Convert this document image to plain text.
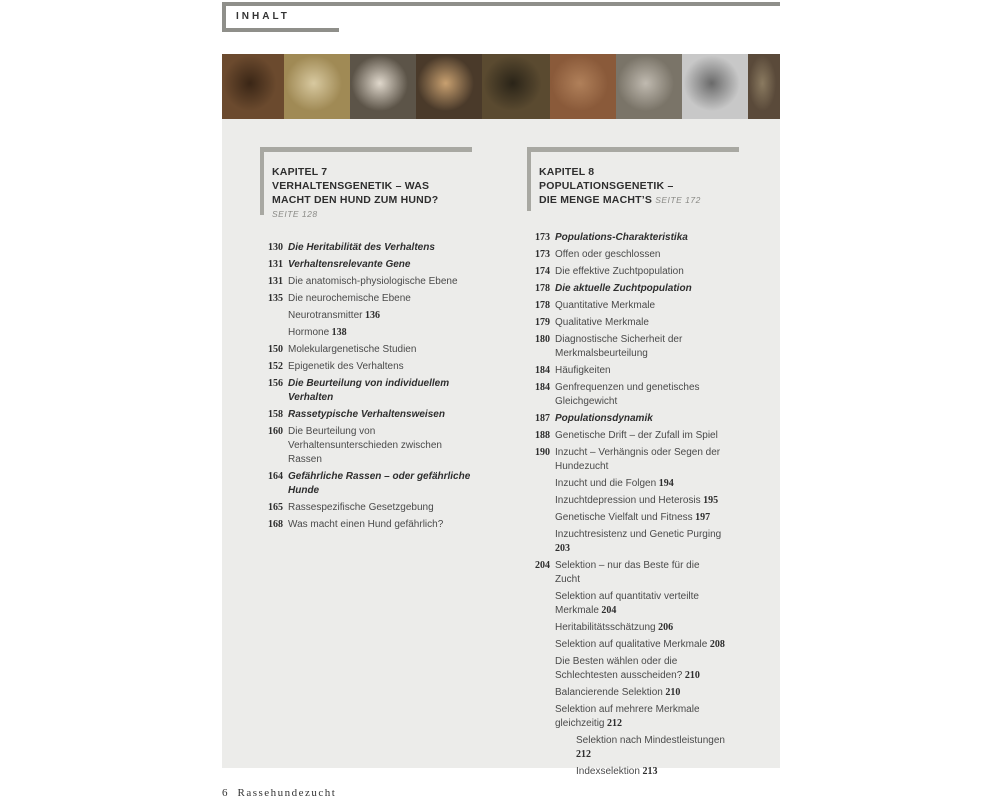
INHALT
KAPITEL 7
VERHALTENSGENETIK – WAS
MACHT DEN HUND ZUM HUND?
SEITE 128
KAPITEL 8
POPULATIONSGENETIK –
DIE MENGE MACHT’S SEITE 172
130 Die Heritabilität des Verhaltens
131 Verhaltensrelevante Gene
131 Die anatomisch-physiologische Ebene
135 Die neurochemische Ebene
Neurotransmitter 136
Hormone 138
150 Molekulargenetische Studien
152 Epigenetik des Verhaltens
156 Die Beurteilung von individuellem Verhalten
158 Rassetypische Verhaltensweisen
160 Die Beurteilung von Verhaltensunterschieden zwischen Rassen
164 Gefährliche Rassen – oder gefährliche Hunde
165 Rassespezifische Gesetzgebung
168 Was macht einen Hund gefährlich?
173 Populations-Charakteristika
173 Offen oder geschlossen
174 Die effektive Zuchtpopulation
178 Die aktuelle Zuchtpopulation
178 Quantitative Merkmale
179 Qualitative Merkmale
180 Diagnostische Sicherheit der Merkmalsbeurteilung
184 Häufigkeiten
184 Genfrequenzen und genetisches Gleichgewicht
187 Populationsdynamik
188 Genetische Drift – der Zufall im Spiel
190 Inzucht – Verhängnis oder Segen der Hundezucht
Inzucht und die Folgen 194
Inzuchtdepression und Heterosis 195
Genetische Vielfalt und Fitness 197
Inzuchtresistenz und Genetic Purging 203
204 Selektion – nur das Beste für die Zucht
Selektion auf quantitativ verteilte Merkmale 204
Heritabilitätsschätzung 206
Selektion auf qualitative Merkmale 208
Die Besten wählen oder die Schlechtesten ausscheiden? 210
Balancierende Selektion 210
Selektion auf mehrere Merkmale gleichzeitig 212
Selektion nach Mindestleistungen 212
Indexselektion 213
6 Rassehundezucht
